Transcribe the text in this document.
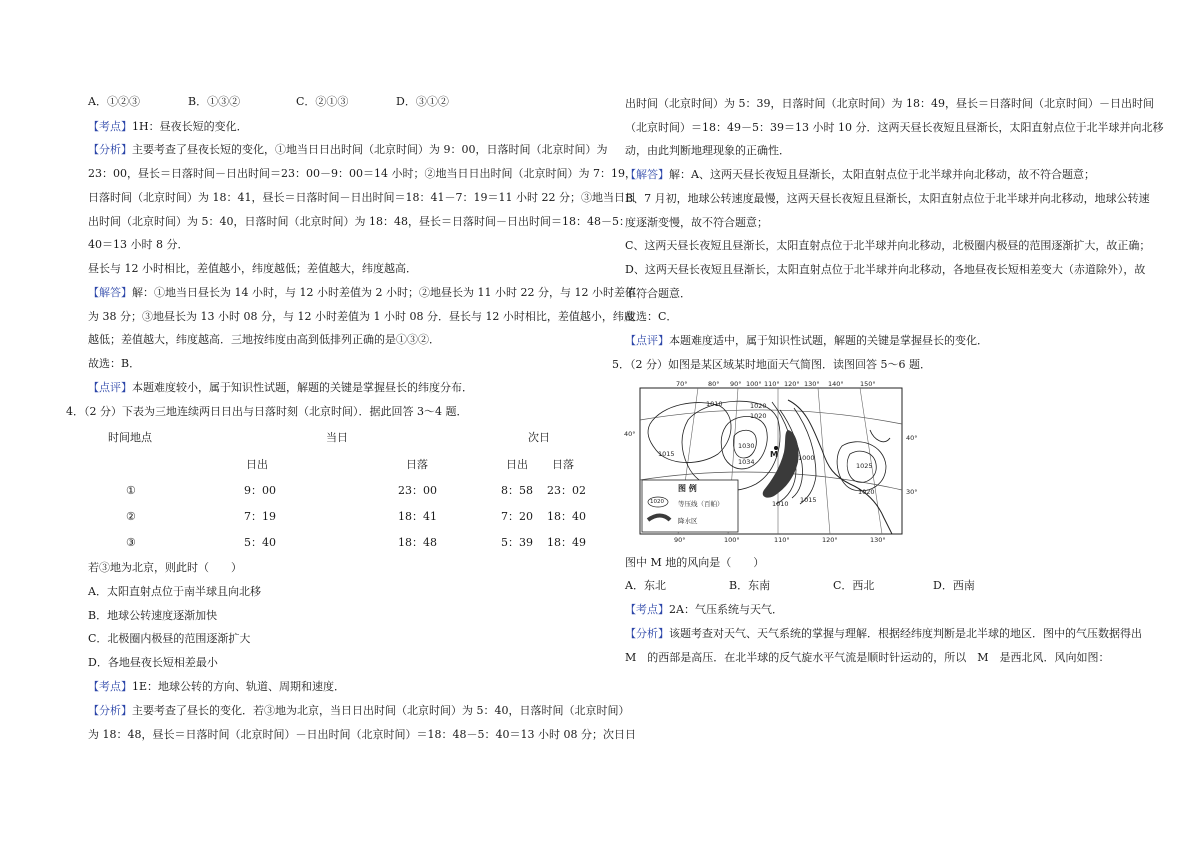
A．①②③	B．①③②	C．②①③	D．③①②
【考点】1H：昼夜长短的变化．
【分析】主要考查了昼夜长短的变化，①地当日日出时间（北京时间）为 9：00，日落时间（北京时间）为
23：00，昼长＝日落时间－日出时间＝23：00－9：00＝14 小时；②地当日日出时间（北京时间）为 7：19，
日落时间（北京时间）为 18：41，昼长＝日落时间－日出时间＝18：41－7：19＝11 小时 22 分；③地当日日
出时间（北京时间）为 5：40，日落时间（北京时间）为 18：48，昼长＝日落时间－日出时间＝18：48－5：
40＝13 小时 8 分．
昼长与 12 小时相比，差值越小，纬度越低；差值越大，纬度越高．
【解答】解：①地当日昼长为 14 小时，与 12 小时差值为 2 小时；②地昼长为 11 小时 22 分，与 12 小时差值
为 38 分；③地昼长为 13 小时 08 分，与 12 小时差值为 1 小时 08 分．昼长与 12 小时相比，差值越小，纬度
越低；差值越大，纬度越高．三地按纬度由高到低排列正确的是①③②．
故选：B．
【点评】本题难度较小，属于知识性试题，解题的关键是掌握昼长的纬度分布．
4．（2 分）下表为三地连续两日日出与日落时刻（北京时间）．据此回答 3～4 题．
时间地点	当日	次日
日出	日落	日出 日落
①	9：00	23：00	8：58 23：02
②	7：19	18：41	7：20 18：40
③	5：40	18：48	5：39 18：49
若③地为北京，则此时（　　）
A．太阳直射点位于南半球且向北移
B．地球公转速度逐渐加快
C．北极圈内极昼的范围逐渐扩大
D．各地昼夜长短相差最小
【考点】1E：地球公转的方向、轨道、周期和速度．
【分析】主要考查了昼长的变化．若③地为北京，当日日出时间（北京时间）为 5：40，日落时间（北京时间）
为 18：48，昼长＝日落时间（北京时间）－日出时间（北京时间）＝18：48－5：40＝13 小时 08 分；次日日
出时间（北京时间）为 5：39，日落时间（北京时间）为 18：49，昼长＝日落时间（北京时间）－日出时间
（北京时间）＝18：49－5：39＝13 小时 10 分．这两天昼长夜短且昼渐长，太阳直射点位于北半球并向北移
动，由此判断地理现象的正确性．
【解答】解：A、这两天昼长夜短且昼渐长，太阳直射点位于北半球并向北移动，故不符合题意；
B、7 月初，地球公转速度最慢，这两天昼长夜短且昼渐长，太阳直射点位于北半球并向北移动，地球公转速
度逐渐变慢，故不符合题意；
C、这两天昼长夜短且昼渐长，太阳直射点位于北半球并向北移动，北极圈内极昼的范围逐渐扩大，故正确；
D、这两天昼长夜短且昼渐长，太阳直射点位于北半球并向北移动，各地昼夜长短相差变大（赤道除外），故
不符合题意．
故选：C．
【点评】本题难度适中，属于知识性试题，解题的关键是掌握昼长的变化．
5．（2 分）如图是某区域某时地面天气简图．读图回答 5～6 题．
70°	80° 90° 100° 110° 120° 130° 140°	150°
90°	100°	110°	120°	130°
40°	40°
30°
1010	1020
1020
1015
1030
1034	1000
1010 1015
1020
1025
M
图 例
1020 等压线（百帕）
降水区
图中 M 地的风向是（　　）
A．东北	B．东南	C．西北	D．西南
【考点】2A：气压系统与天气．
【分析】该题考查对天气、天气系统的掌握与理解．根据经纬度判断是北半球的地区．图中的气压数据得出
M　的西部是高压．在北半球的反气旋水平气流是顺时针运动的，所以　M　是西北风．风向如图：
